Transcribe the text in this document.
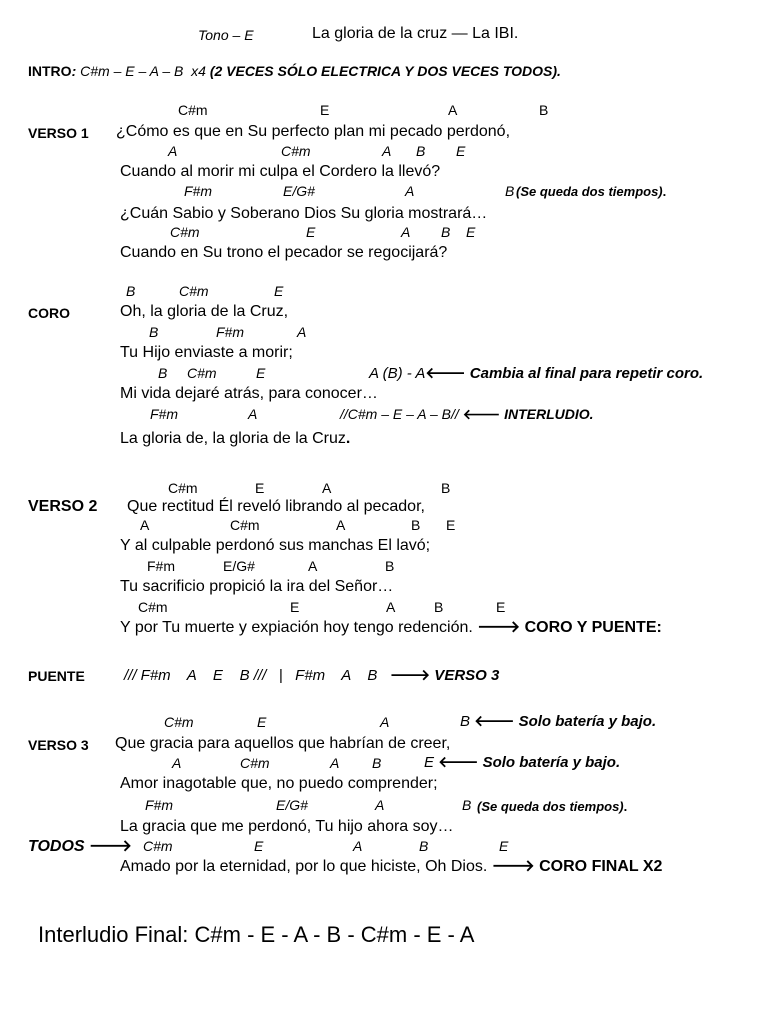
Tono – E	La gloria de la cruz — La IBI.
INTRO: C#m – E – A – B  x4 (2 VECES SÓLO ELECTRICA Y DOS VECES TODOS).
C#m	E	A	B
VERSO 1 ¿Cómo es que en Su perfecto plan mi pecado perdonó,
A	C#m	A B E
Cuando al morir mi culpa el Cordero la llevó?
F#m	E/G#	A	B (Se queda dos tiempos).
¿Cuán Sabio y Soberano Dios Su gloria mostrará…
C#m	E	A B E
Cuando en Su trono el pecador se regocijará?
B	C#m	E
CORO	Oh, la gloria de la Cruz,
B	F#m	A
Tu Hijo enviaste a morir;
B C#m	E	A (B) - A🡐 Cambia al final para repetir coro.
Mi vida dejaré atrás, para conocer…
F#m	A	//C#m – E – A – B// 🡐 INTERLUDIO.
La gloria de, la gloria de la Cruz.
C#m	E	A	B
VERSO 2 Que rectitud Él reveló librando al pecador,
A	C#m	A	B E
Y al culpable perdonó sus manchas El lavó;
F#m	E/G#	A	B
Tu sacrificio propició la ira del Señor…
C#m	E	A	B	E
Y por Tu muerte y expiación hoy tengo redención. 🡒 CORO Y PUENTE:
PUENTE	/// F#m    A    E    B ///   |   F#m    A    B   🡒 VERSO 3
C#m	E	A	B 🡐 Solo batería y bajo.
VERSO 3 Que gracia para aquellos que habrían de creer,
A	C#m	A B	E 🡐 Solo batería y bajo.
Amor inagotable que, no puedo comprender;
F#m	E/G#	A	B (Se queda dos tiempos).
La gracia que me perdonó, Tu hijo ahora soy…
TODOS 🡒 C#m	E	A	B	E
Amado por la eternidad, por lo que hiciste, Oh Dios. 🡒 CORO FINAL X2
Interludio Final: C#m - E - A - B - C#m - E - A
